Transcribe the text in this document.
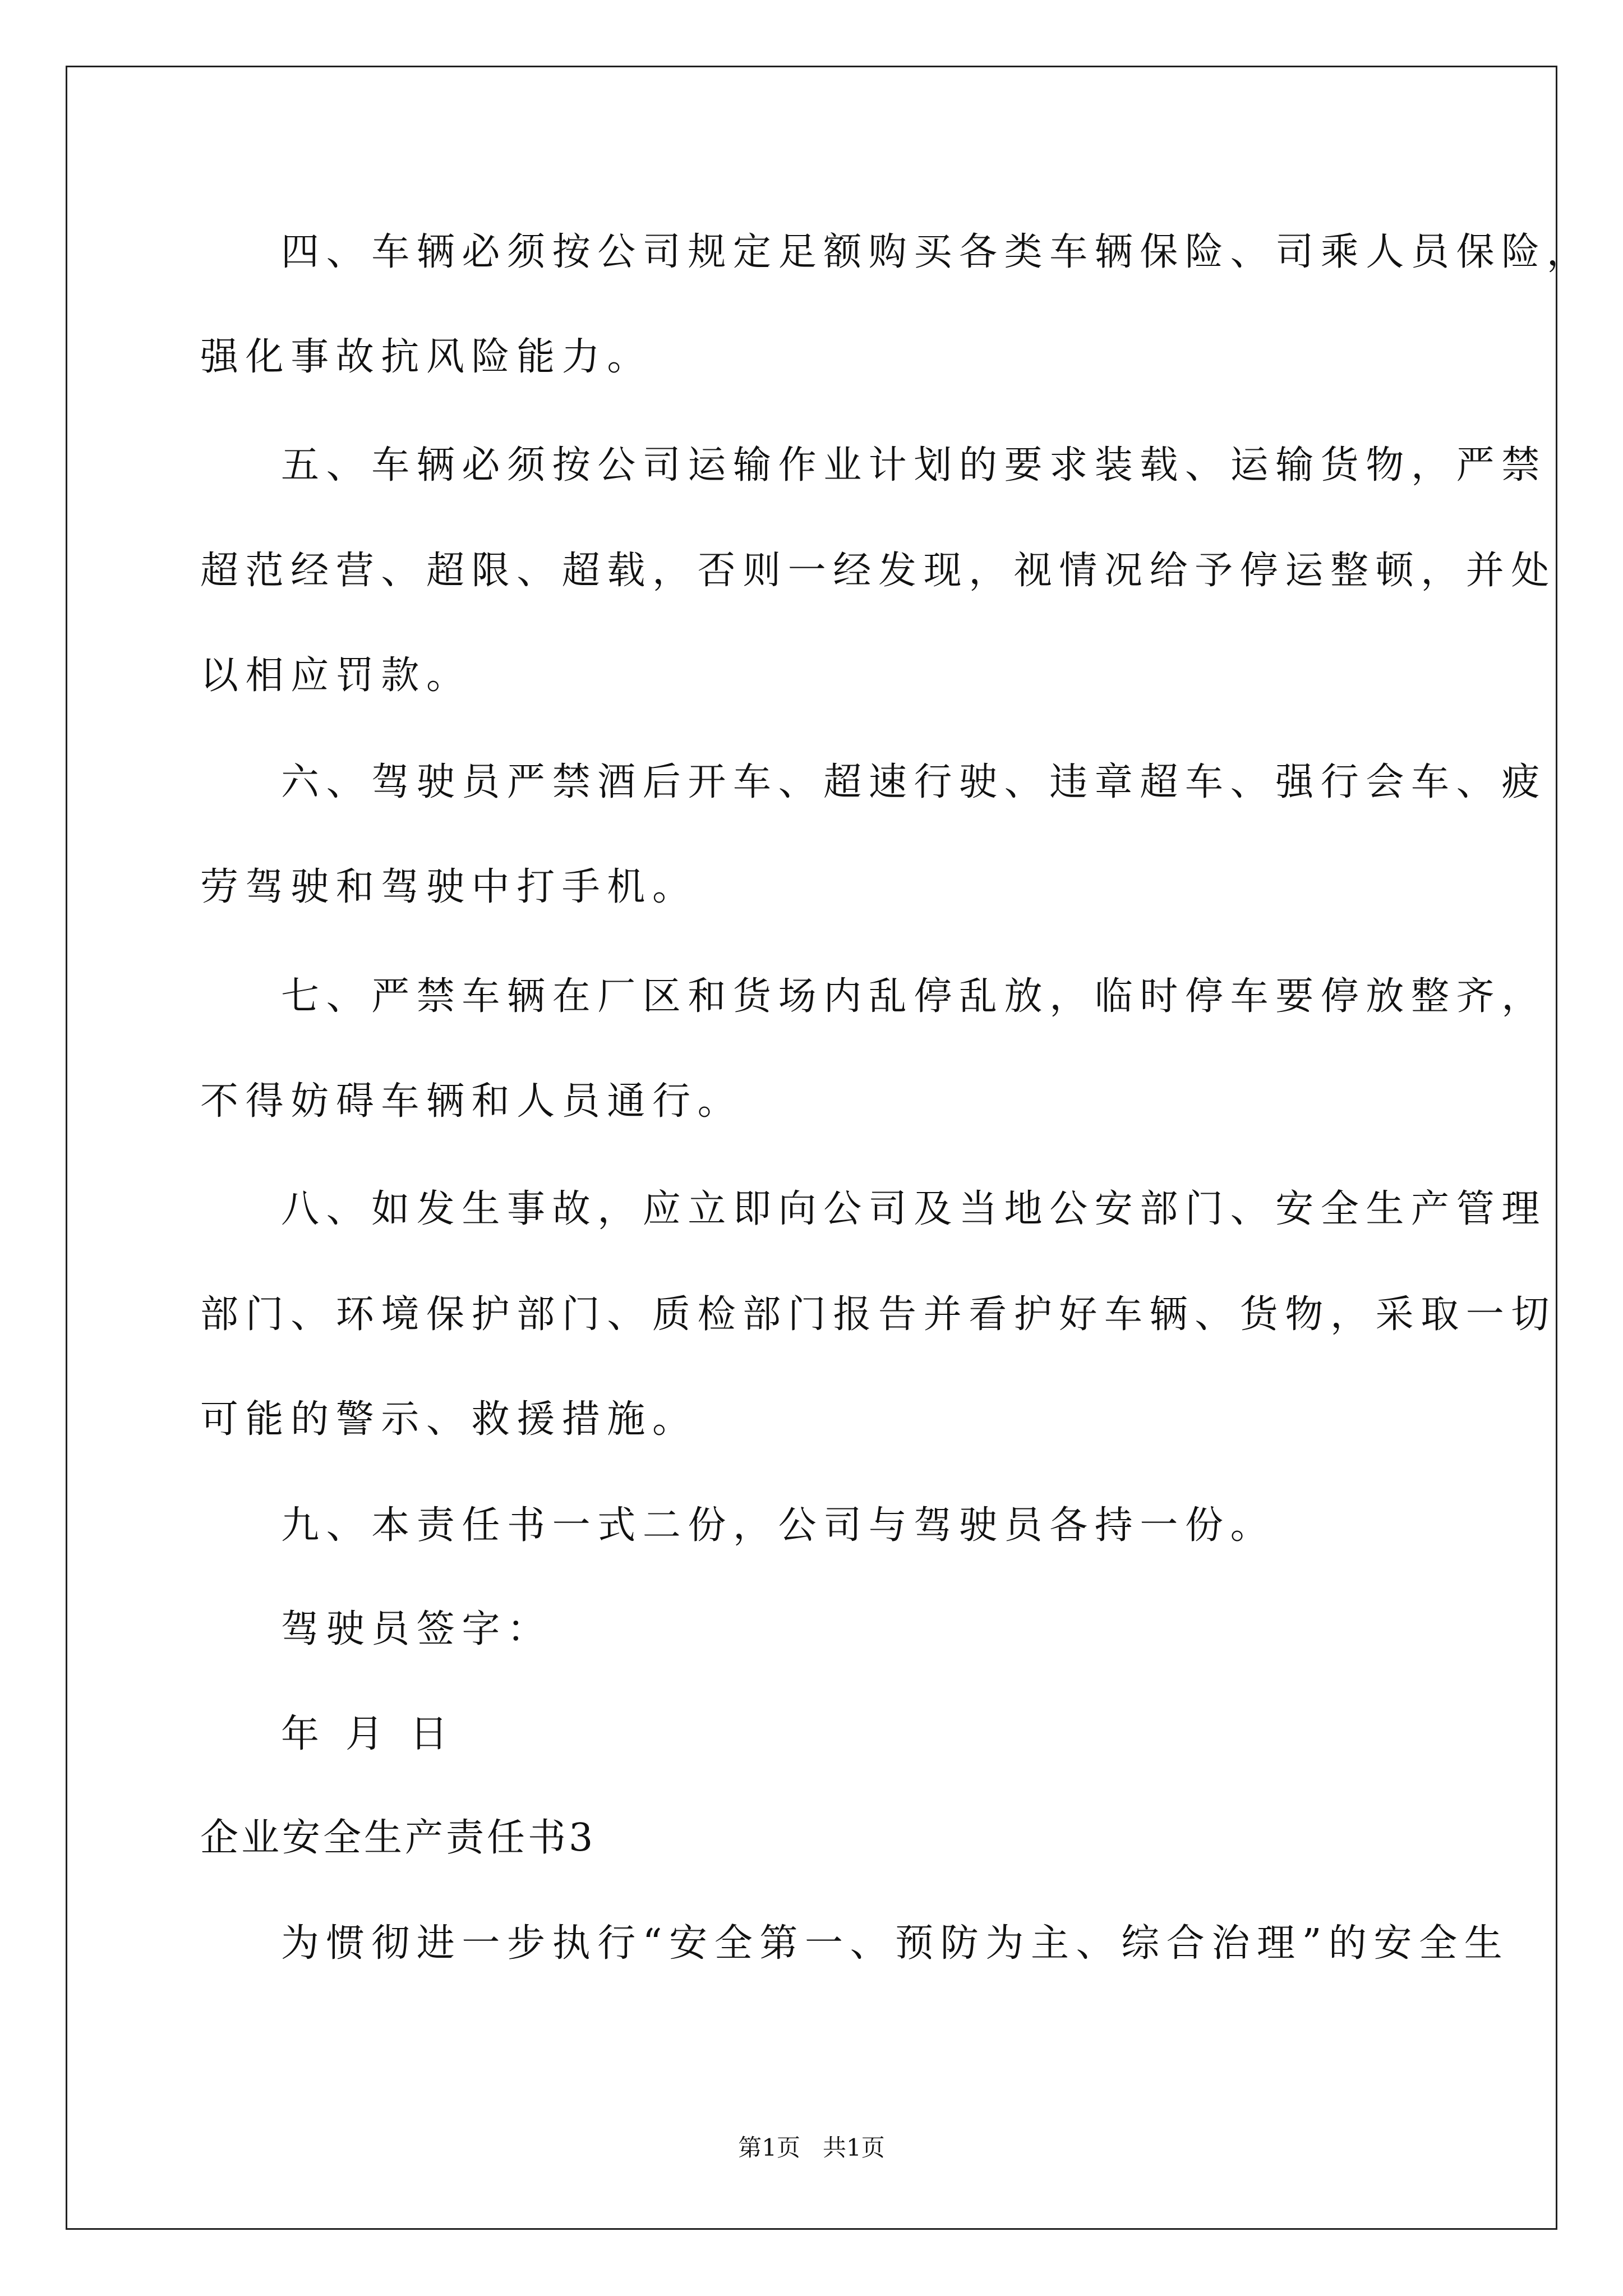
四、车辆必须按公司规定足额购买各类车辆保险、司乘人员保险，
强化事故抗风险能力。
五、车辆必须按公司运输作业计划的要求装载、运输货物，严禁
超范经营、超限、超载，否则一经发现，视情况给予停运整顿，并处
以相应罚款。
六、驾驶员严禁酒后开车、超速行驶、违章超车、强行会车、疲
劳驾驶和驾驶中打手机。
七、严禁车辆在厂区和货场内乱停乱放，临时停车要停放整齐，
不得妨碍车辆和人员通行。
八、如发生事故，应立即向公司及当地公安部门、安全生产管理
部门、环境保护部门、质检部门报告并看护好车辆、货物，采取一切
可能的警示、救援措施。
九、本责任书一式二份，公司与驾驶员各持一份。
驾驶员签字：
年 月 日
企业安全生产责任书3
为惯彻进一步执行“安全第一、预防为主、综合治理”的安全生
第1页   共1页
